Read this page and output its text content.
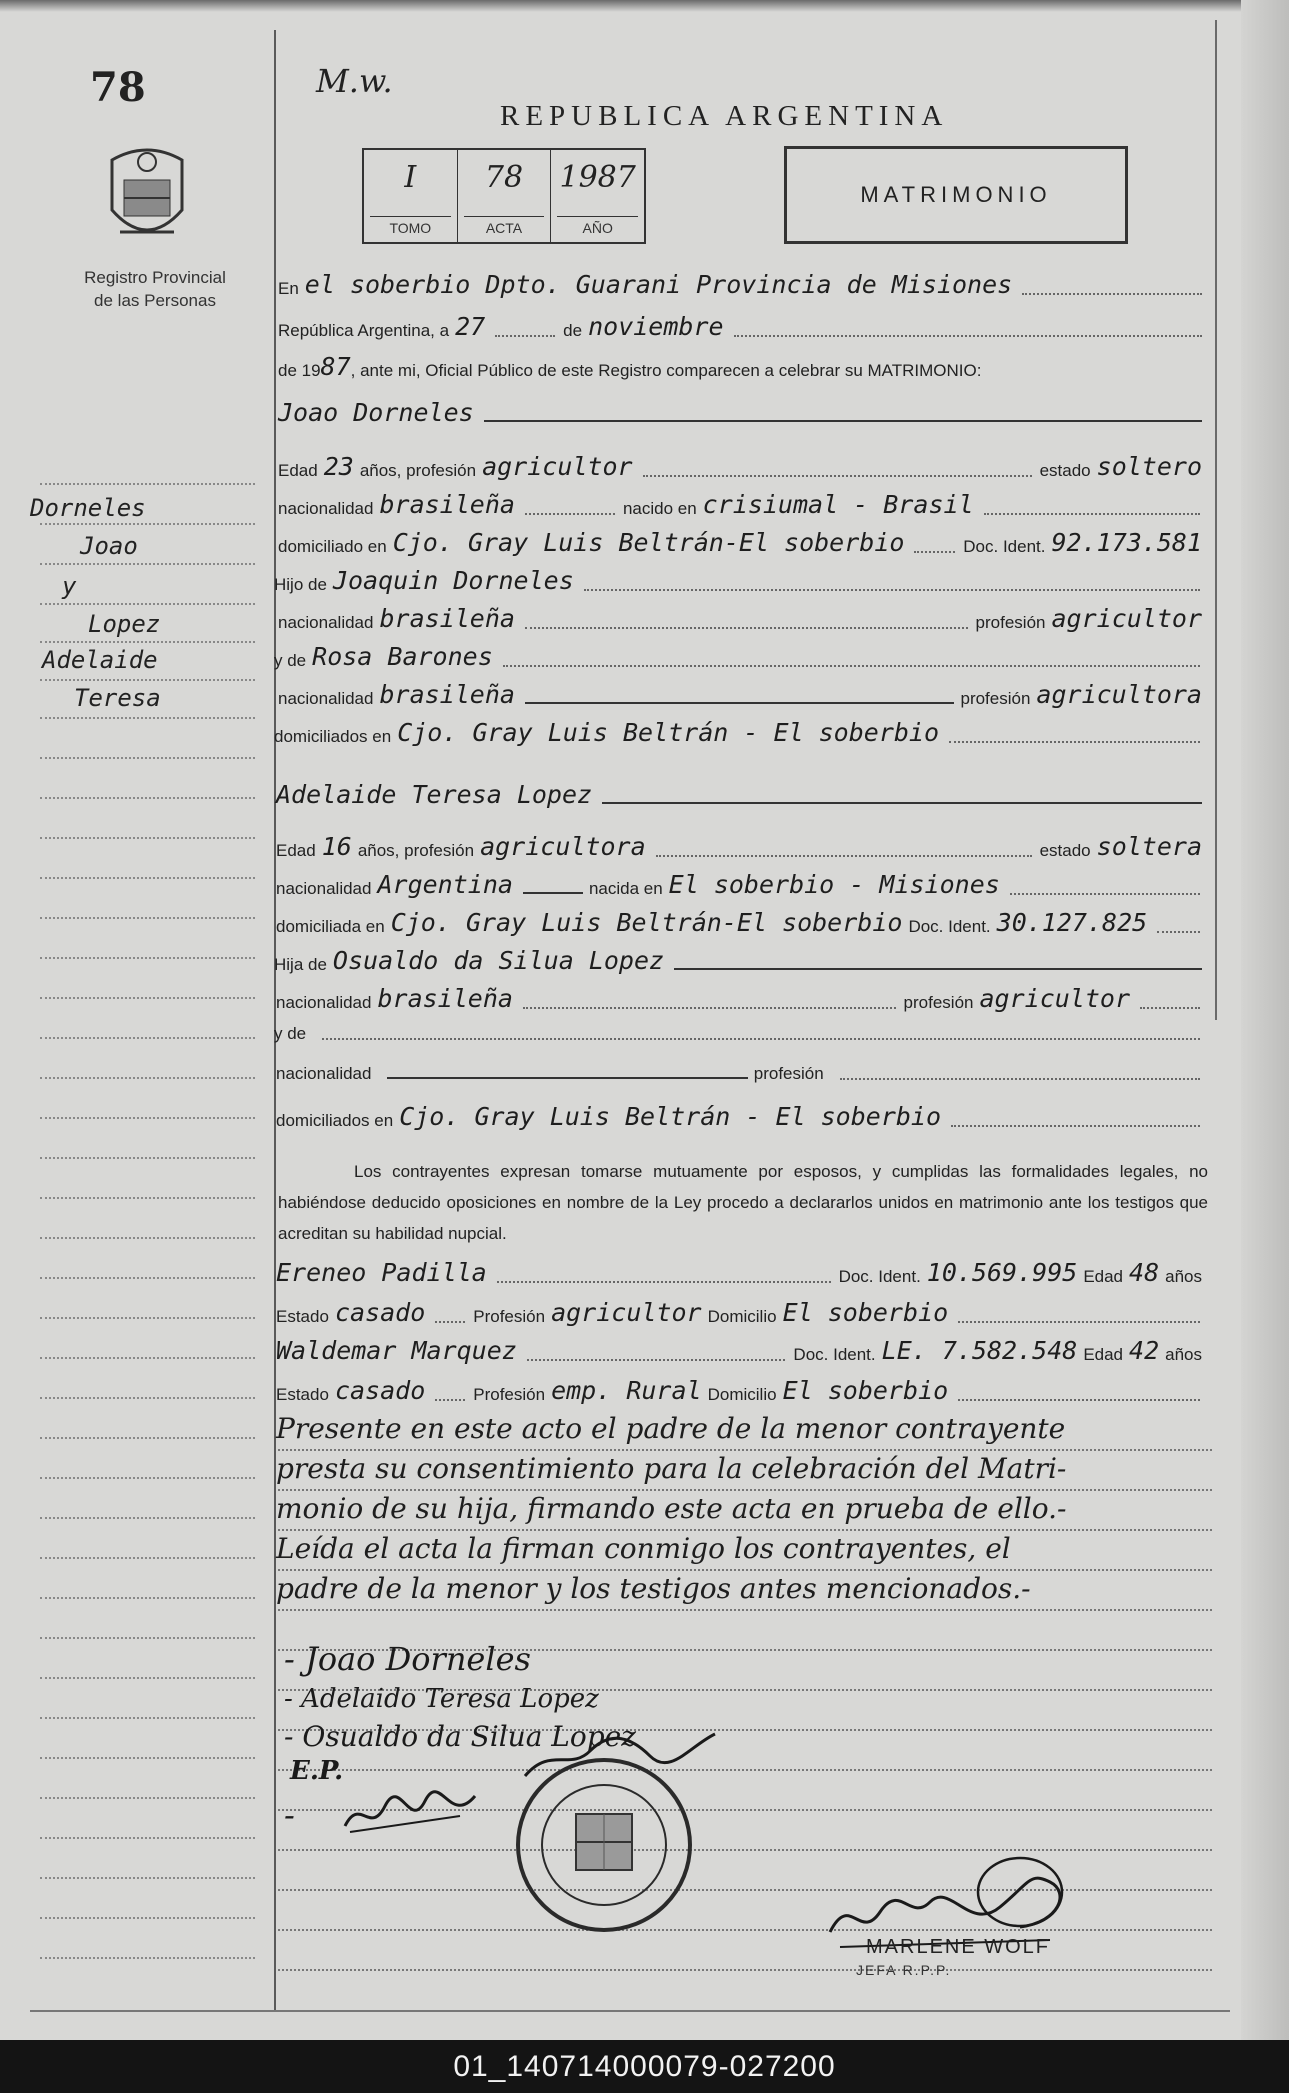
78
Registro Provincial
de las Personas
M.w.
REPUBLICA ARGENTINA
I
TOMO
78
ACTA
1987
AÑO
MATRIMONIO
En el soberbio Dpto. Guarani Provincia de Misiones
República Argentina, a 27	de noviembre
de 19 87 , ante mi, Oficial Público de este Registro comparecen a celebrar su MATRIMONIO:
Joao Dorneles
Edad 23 años, profesión agricultor	estado soltero
nacionalidad brasileña	nacido en crisiumal - Brasil
domiciliado en Cjo. Gray Luis Beltrán-El soberbio	Doc. Ident. 92.173.581
Hijo de Joaquin Dorneles
nacionalidad brasileña	profesión agricultor
y de Rosa Barones
nacionalidad brasileña	profesión agricultora
domiciliados en Cjo. Gray Luis Beltrán - El soberbio
Adelaide Teresa Lopez
Edad 16 años, profesión agricultora	estado soltera
nacionalidad Argentina	nacida en El soberbio - Misiones
domiciliada en Cjo. Gray Luis Beltrán-El soberbio Doc. Ident. 30.127.825
Hija de Osualdo da Silua Lopez
nacionalidad brasileña	profesión agricultor
y de
nacionalidad	profesión
domiciliados en Cjo. Gray Luis Beltrán - El soberbio
Los contrayentes expresan tomarse mutuamente por esposos, y cumplidas las formalidades legales, no habiéndose deducido oposiciones en nombre de la Ley procedo a declararlos unidos en matrimonio ante los testigos que acreditan su habilidad nupcial.
Ereneo Padilla	Doc. Ident. 10.569.995 Edad 48 años
Estado casado	Profesión agricultor Domicilio El soberbio
Waldemar Marquez	Doc. Ident. LE. 7.582.548 Edad 42 años
Estado casado	Profesión emp. Rural Domicilio El soberbio
Presente en este acto el padre de la menor contrayente
presta su consentimiento para la celebración del Matri-
monio de su hija, firmando este acta en prueba de ello.-
Leída el acta la firman conmigo los contrayentes, el
padre de la menor y los testigos antes mencionados.-
- Joao Dorneles
- Adelaido Teresa Lopez
- Osualdo da Silua Lopez
E.P.
-
MARLENE WOLF
JEFA R.P.P.
Dorneles
Joao
y
Lopez
Adelaide
Teresa
01_140714000079-027200
